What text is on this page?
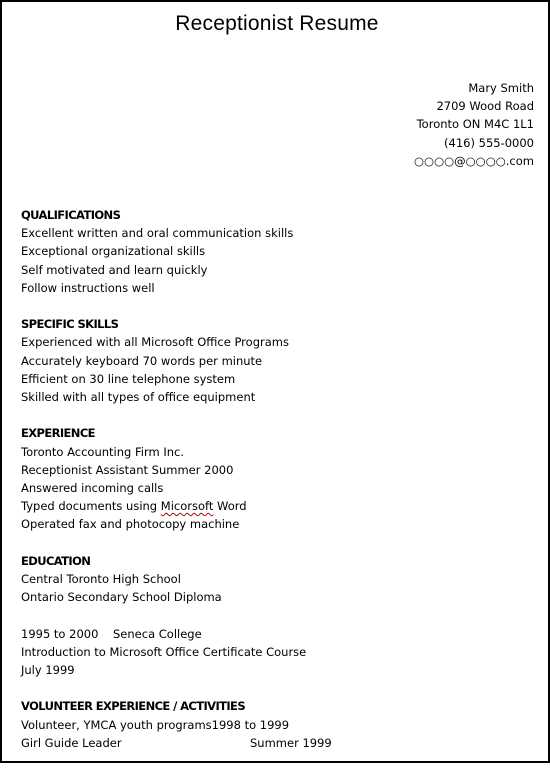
Receptionist Resume
Mary Smith
2709 Wood Road
Toronto ON M4C 1L1
(416) 555-0000
○○○○@○○○○.com
QUALIFICATIONS
Excellent written and oral communication skills
Exceptional organizational skills
Self motivated and learn quickly
Follow instructions well
SPECIFIC SKILLS
Experienced with all Microsoft Office Programs
Accurately keyboard 70 words per minute
Efficient on 30 line telephone system
Skilled with all types of office equipment
EXPERIENCE
Toronto Accounting Firm Inc.
Receptionist Assistant Summer 2000
Answered incoming calls
Typed documents using Micorsoft Word
Operated fax and photocopy machine
EDUCATION
Central Toronto High School
Ontario Secondary School Diploma
1995 to 2000    Seneca College
Introduction to Microsoft Office Certificate Course
July 1999
VOLUNTEER EXPERIENCE / ACTIVITIES
Volunteer, YMCA youth programs1998 to 1999
Girl Guide Leader	Summer 1999
